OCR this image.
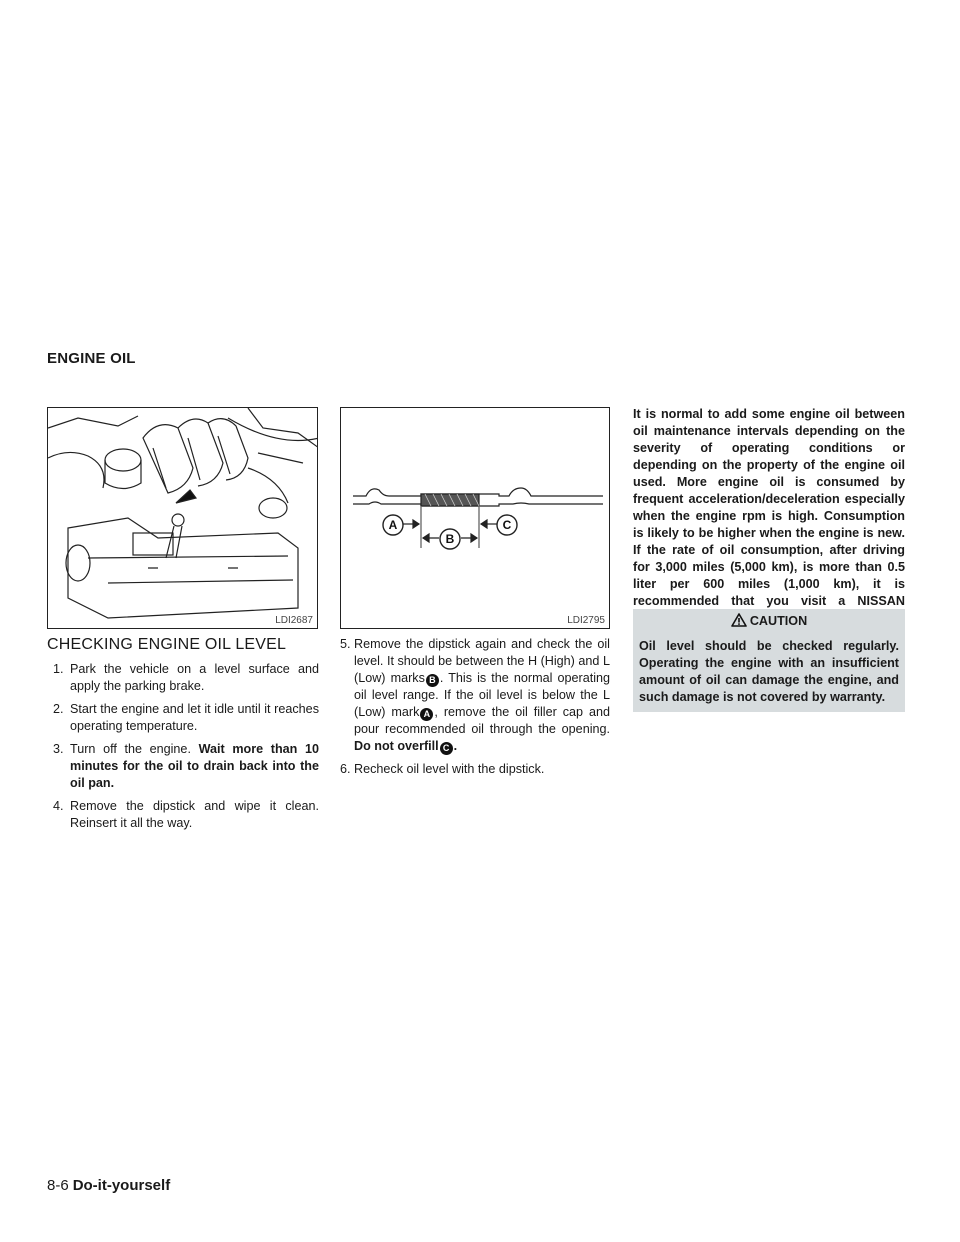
ENGINE OIL
LDI2687
A
B
C
LDI2795
CHECKING ENGINE OIL LEVEL
1. Park the vehicle on a level surface and apply the parking brake.
2. Start the engine and let it idle until it reaches operating temperature.
3. Turn off the engine. Wait more than 10 minutes for the oil to drain back into the oil pan.
4. Remove the dipstick and wipe it clean. Reinsert it all the way.
5. Remove the dipstick again and check the oil level. It should be between the H (High) and L (Low) marks B . This is the normal operating oil level range. If the oil level is below the L (Low) mark A , remove the oil filler cap and pour recommended oil through the opening. Do not overfill C .
6. Recheck oil level with the dipstick.
It is normal to add some engine oil between oil maintenance intervals depending on the severity of operating conditions or depending on the property of the engine oil used. More engine oil is consumed by frequent acceleration/deceleration especially when the engine rpm is high. Consumption is likely to be higher when the engine is new. If the rate of oil consumption, after driving for 3,000 miles (5,000 km), is more than 0.5 liter per 600 miles (1,000 km), it is recommended that you visit a NISSAN
CAUTION
Oil level should be checked regularly. Operating the engine with an insufficient amount of oil can damage the engine, and such damage is not covered by warranty.
8-6 Do-it-yourself
